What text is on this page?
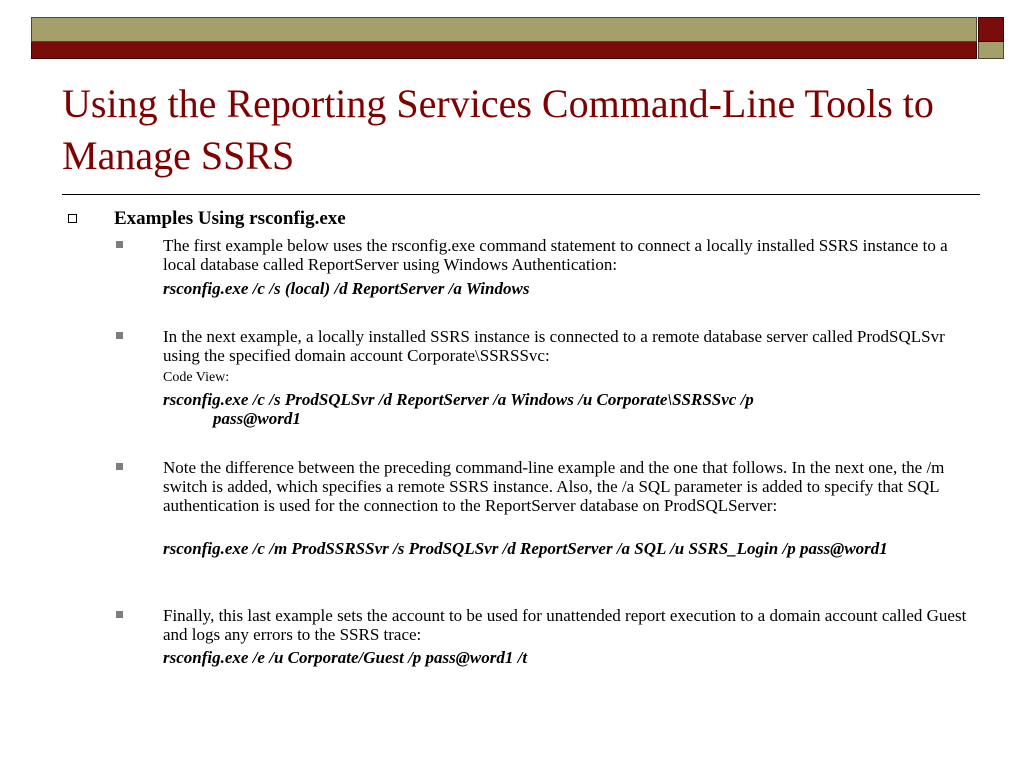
Using the Reporting Services Command-Line Tools to Manage SSRS
Examples Using rsconfig.exe
The first example below uses the rsconfig.exe command statement to connect a locally installed SSRS instance to a local database called ReportServer using Windows Authentication:
rsconfig.exe /c /s (local) /d ReportServer /a Windows
In the next example, a locally installed SSRS instance is connected to a remote database server called ProdSQLSvr using the specified domain account Corporate\SSRSSvc:
Code View:
rsconfig.exe /c /s ProdSQLSvr /d ReportServer /a Windows /u Corporate\SSRSSvc /p
pass@word1
Note the difference between the preceding command-line example and the one that follows. In the next one, the /m switch is added, which specifies a remote SSRS instance. Also, the /a SQL parameter is added to specify that SQL authentication is used for the connection to the ReportServer database on ProdSQLServer:
rsconfig.exe /c /m ProdSSRSSvr /s ProdSQLSvr /d ReportServer /a SQL /u SSRS_Login /p pass@word1
Finally, this last example sets the account to be used for unattended report execution to a domain account called Guest and logs any errors to the SSRS trace:
rsconfig.exe /e /u Corporate/Guest /p pass@word1 /t
